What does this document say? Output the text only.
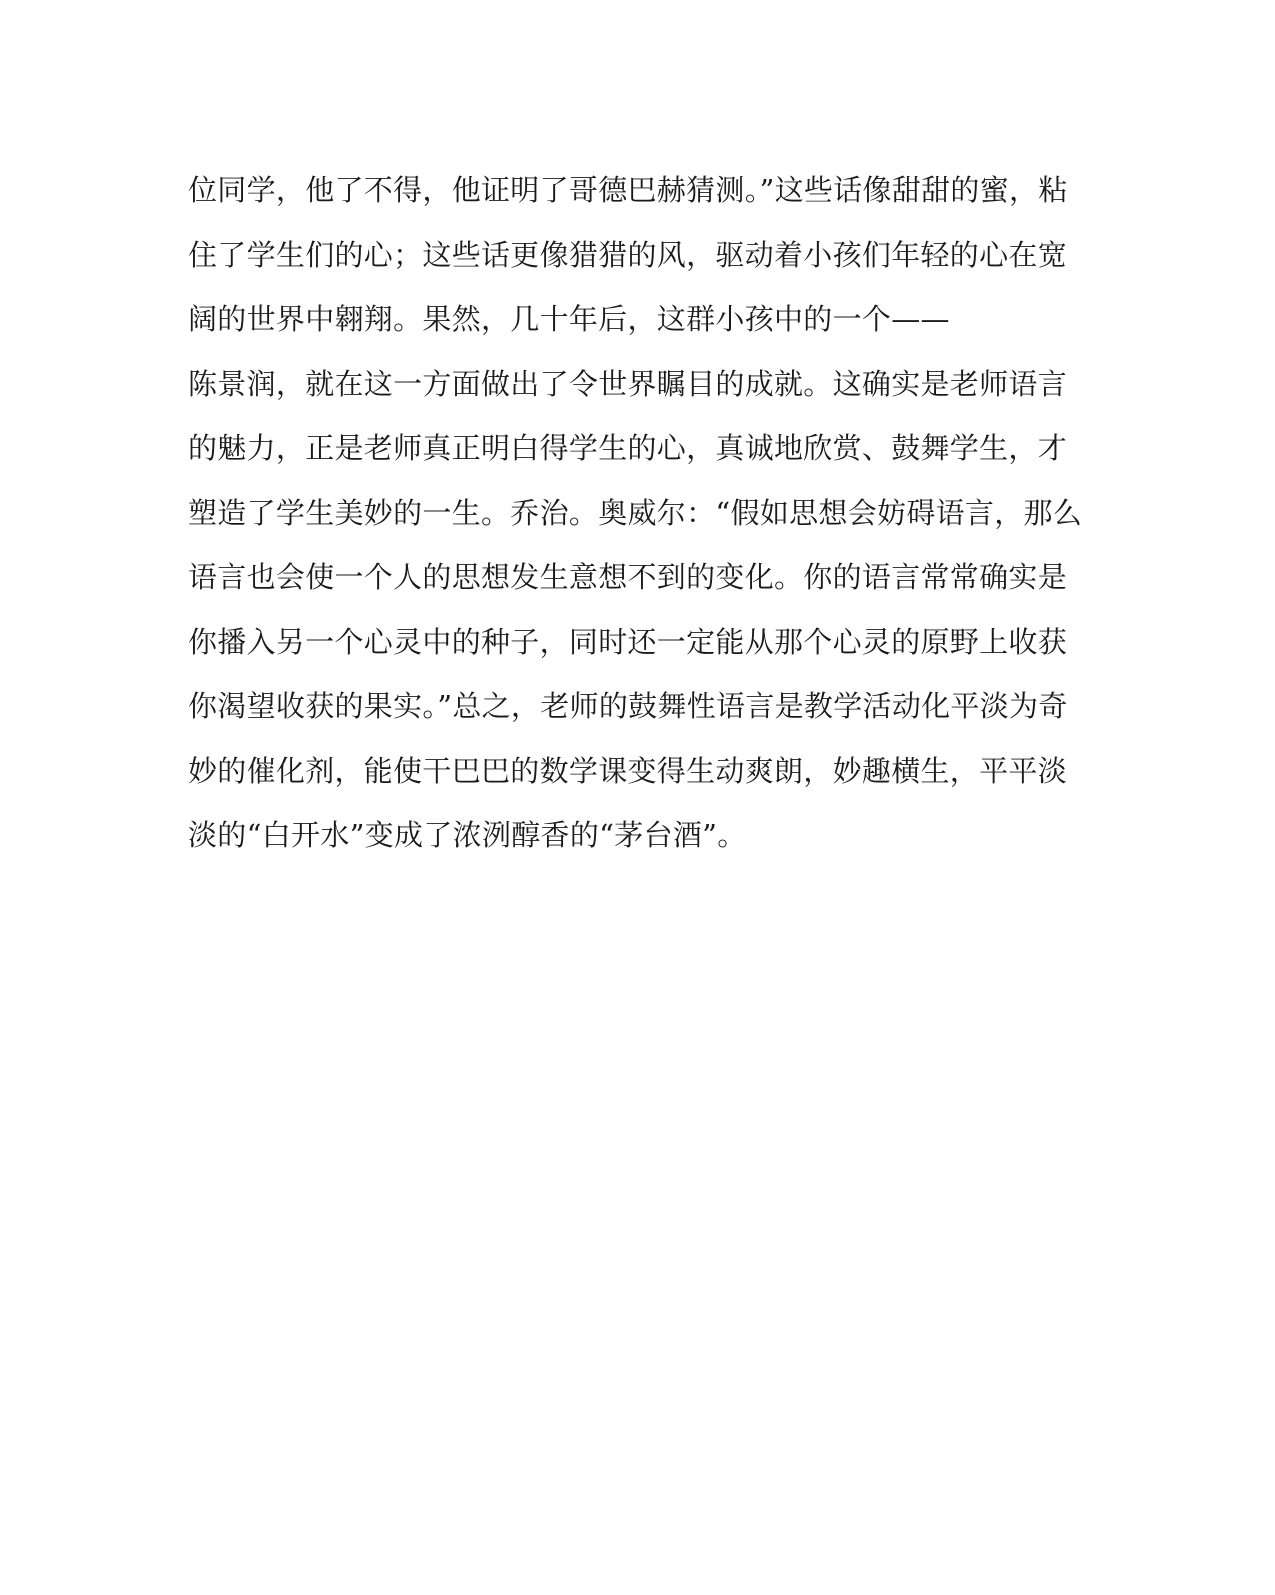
位同学，他了不得，他证明了哥德巴赫猜测。”这些话像甜甜的蜜，粘
住了学生们的心；这些话更像猎猎的风，驱动着小孩们年轻的心在宽
阔的世界中翱翔。果然，几十年后，这群小孩中的一个——
陈景润，就在这一方面做出了令世界瞩目的成就。这确实是老师语言
的魅力，正是老师真正明白得学生的心，真诚地欣赏、鼓舞学生，才
塑造了学生美妙的一生。乔治。奥威尔：“假如思想会妨碍语言，那么
语言也会使一个人的思想发生意想不到的变化。你的语言常常确实是
你播入另一个心灵中的种子，同时还一定能从那个心灵的原野上收获
你渴望收获的果实。”总之，老师的鼓舞性语言是教学活动化平淡为奇
妙的催化剂，能使干巴巴的数学课变得生动爽朗，妙趣横生，平平淡
淡的“白开水”变成了浓洌醇香的“茅台酒”。
